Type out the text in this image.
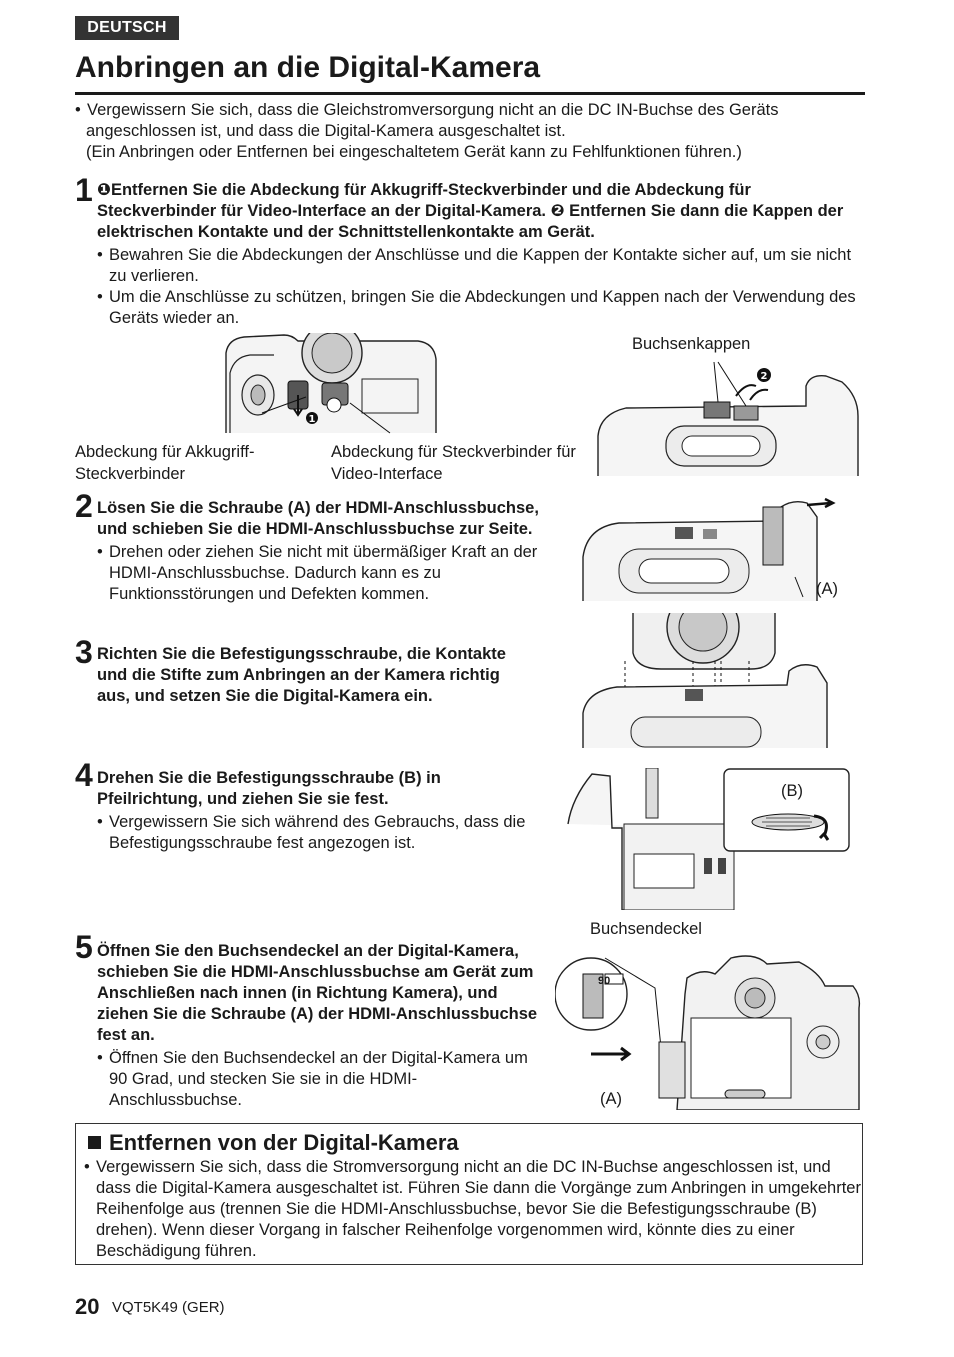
DEUTSCH
Anbringen an die Digital-Kamera

• Vergewissern Sie sich, dass die Gleichstromversorgung nicht an die DC IN-Buchse des Geräts

angeschlossen ist, und dass die Digital-Kamera ausgeschaltet ist.

(Ein Anbringen oder Entfernen bei eingeschaltetem Gerät kann zu Fehlfunktionen führen.)

1 ❶Entfernen Sie die Abdeckung für Akkugriff-Steckverbinder und die Abdeckung für Steckverbinder für Video-Interface an der Digital-Kamera. ❷ Entfernen Sie dann die Kappen der elektrischen Kontakte und der Schnittstellenkontakte am Gerät.

• Bewahren Sie die Abdeckungen der Anschlüsse und die Kappen der Kontakte sicher auf, um sie nicht zu verlieren.

• Um die Anschlüsse zu schützen, bringen Sie die Abdeckungen und Kappen nach der Verwendung des Geräts wieder an.

1
Abdeckung für Akkugriff-Steckverbinder
Abdeckung für Steckverbinder für Video-Interface
Buchsenkappen
2
2 Lösen Sie die Schraube (A) der HDMI-Anschlussbuchse, und schieben Sie die HDMI-Anschlussbuchse zur Seite.

• Drehen oder ziehen Sie nicht mit übermäßiger Kraft an der HDMI-Anschlussbuchse. Dadurch kann es zu Funktionsstörungen und Defekten kommen.	(A)
3 Richten Sie die Befestigungsschraube, die Kontakte und die Stifte zum Anbringen an der Kamera richtig aus, und setzen Sie die Digital-Kamera ein.

4 Drehen Sie die Befestigungsschraube (B) in Pfeilrichtung, und ziehen Sie sie fest.

• Vergewissern Sie sich während des Gebrauchs, dass die Befestigungsschraube fest angezogen ist.

(B)
Buchsendeckel
5 Öffnen Sie den Buchsendeckel an der Digital-Kamera, schieben Sie die HDMI-Anschlussbuchse am Gerät zum Anschließen nach innen (in Richtung Kamera), und ziehen Sie die Schraube (A) der HDMI-Anschlussbuchse fest an.

• Öffnen Sie den Buchsendeckel an der Digital-Kamera um 90 Grad, und stecken Sie sie in die HDMI-Anschlussbuchse.

90
(A)
Entfernen von der Digital-Kamera

• Vergewissern Sie sich, dass die Stromversorgung nicht an die DC IN-Buchse angeschlossen ist, und dass die Digital-Kamera ausgeschaltet ist. Führen Sie dann die Vorgänge zum Anbringen in umgekehrter Reihenfolge aus (trennen Sie die HDMI-Anschlussbuchse, bevor Sie die Befestigungsschraube (B) drehen). Wenn dieser Vorgang in falscher Reihenfolge vorgenommen wird, könnte dies zu einer Beschädigung führen.

20 VQT5K49 (GER)
